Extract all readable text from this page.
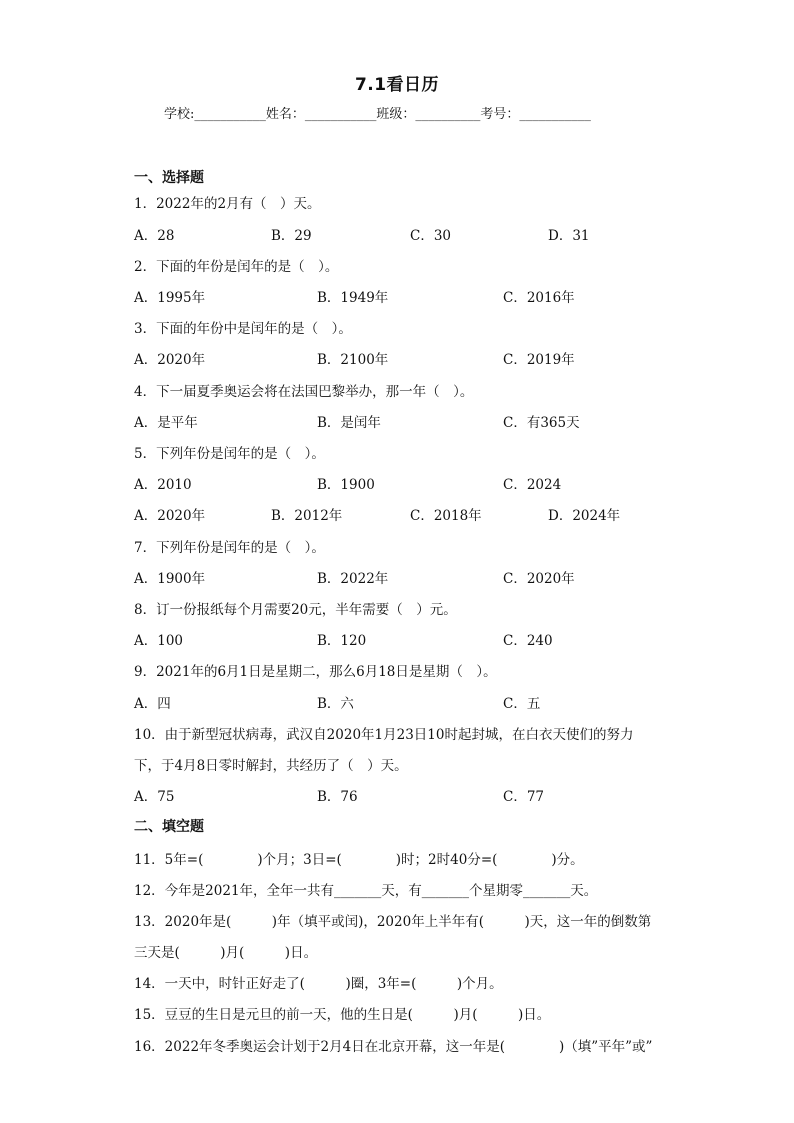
7.1看日历
学校:___________姓名：___________班级：__________考号：___________
一、选择题
1．2022年的2月有（　）天。
A．28	B．29	C．30	D．31
2．下面的年份是闰年的是（　）。
A．1995年	B．1949年	C．2016年
3．下面的年份中是闰年的是（　）。
A．2020年	B．2100年	C．2019年
4．下一届夏季奥运会将在法国巴黎举办，那一年（　）。
A．是平年	B．是闰年	C．有365天
5．下列年份是闰年的是（　）。
A．2010	B．1900	C．2024
A．2020年	B．2012年	C．2018年	D．2024年
7．下列年份是闰年的是（　）。
A．1900年	B．2022年	C．2020年
8．订一份报纸每个月需要20元，半年需要（　）元。
A．100	B．120	C．240
9．2021年的6月1日是星期二，那么6月18日是星期（　）。
A．四	B．六	C．五
10．由于新型冠状病毒，武汉自2020年1月23日10时起封城，在白衣天使们的努力
下，于4月8日零时解封，共经历了（　）天。
A．75	B．76	C．77
二、填空题
11．5年=(　　　　)个月；3日=(　　　　)时；2时40分=(　　　　)分。
12．今年是2021年，全年一共有_______天，有_______个星期零_______天。
13．2020年是(　　　)年（填平或闰)，2020年上半年有(　　　)天，这一年的倒数第
三天是(　　　)月(　　　)日。
14．一天中，时针正好走了(　　　)圈，3年=(　　　)个月。
15．豆豆的生日是元旦的前一天，他的生日是(　　　)月(　　　)日。
16．2022年冬季奥运会计划于2月4日在北京开幕，这一年是(　　　　)（填”平年”或”
